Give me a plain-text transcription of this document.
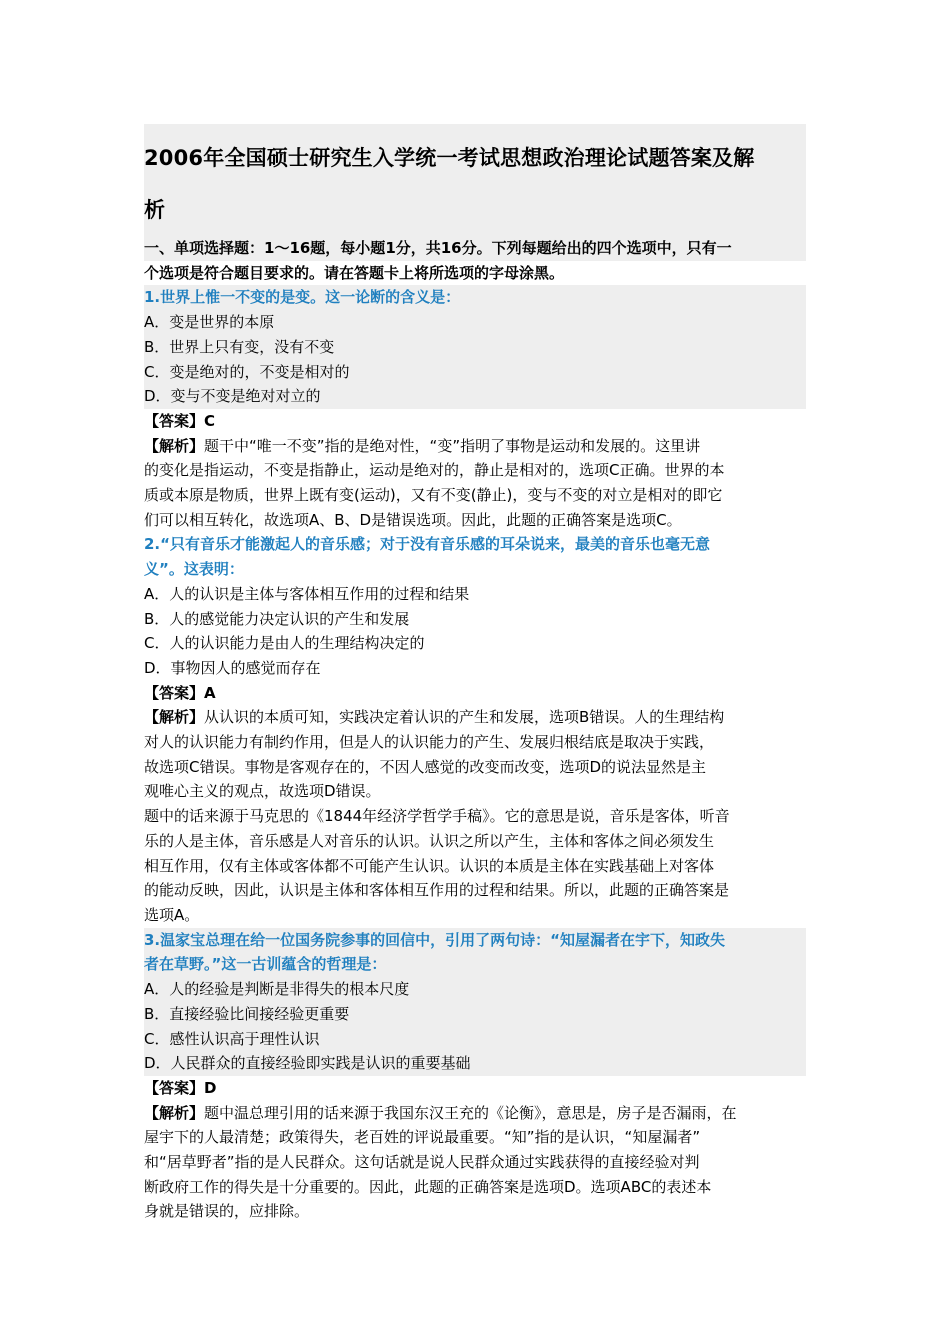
2006年全国硕士研究生入学统一考试思想政治理论试题答案及解
析

一、单项选择题：1～16题，每小题1分，共16分。下列每题给出的四个选项中，只有一

个选项是符合题目要求的。请在答题卡上将所选项的字母涂黑。

1.世界上惟一不变的是变。这一论断的含义是：

A．变是世界的本原

B．世界上只有变，没有不变

C．变是绝对的，不变是相对的

D．变与不变是绝对对立的

【答案】C

【解析】题干中“唯一不变”指的是绝对性，“变”指明了事物是运动和发展的。这里讲

的变化是指运动，不变是指静止，运动是绝对的，静止是相对的，选项C正确。世界的本

质或本原是物质，世界上既有变(运动)，又有不变(静止)，变与不变的对立是相对的即它

们可以相互转化，故选项A、B、D是错误选项。因此，此题的正确答案是选项C。

2.“只有音乐才能激起人的音乐感；对于没有音乐感的耳朵说来，最美的音乐也毫无意

义”。这表明：

A．人的认识是主体与客体相互作用的过程和结果

B．人的感觉能力决定认识的产生和发展

C．人的认识能力是由人的生理结构决定的

D．事物因人的感觉而存在

【答案】A

【解析】从认识的本质可知，实践决定着认识的产生和发展，选项B错误。人的生理结构

对人的认识能力有制约作用，但是人的认识能力的产生、发展归根结底是取决于实践，

故选项C错误。事物是客观存在的，不因人感觉的改变而改变，选项D的说法显然是主

观唯心主义的观点，故选项D错误。

题中的话来源于马克思的《1844年经济学哲学手稿》。它的意思是说，音乐是客体，听音

乐的人是主体，音乐感是人对音乐的认识。认识之所以产生，主体和客体之间必须发生

相互作用，仅有主体或客体都不可能产生认识。认识的本质是主体在实践基础上对客体

的能动反映，因此，认识是主体和客体相互作用的过程和结果。所以，此题的正确答案是

选项A。

3.温家宝总理在给一位国务院参事的回信中，引用了两句诗：“知屋漏者在宇下，知政失

者在草野。”这一古训蕴含的哲理是：

A．人的经验是判断是非得失的根本尺度

B．直接经验比间接经验更重要

C．感性认识高于理性认识

D．人民群众的直接经验即实践是认识的重要基础

【答案】D

【解析】题中温总理引用的话来源于我国东汉王充的《论衡》，意思是，房子是否漏雨，在

屋宇下的人最清楚；政策得失，老百姓的评说最重要。“知”指的是认识，“知屋漏者”

和“居草野者”指的是人民群众。这句话就是说人民群众通过实践获得的直接经验对判

断政府工作的得失是十分重要的。因此，此题的正确答案是选项D。选项ABC的表述本

身就是错误的，应排除。
